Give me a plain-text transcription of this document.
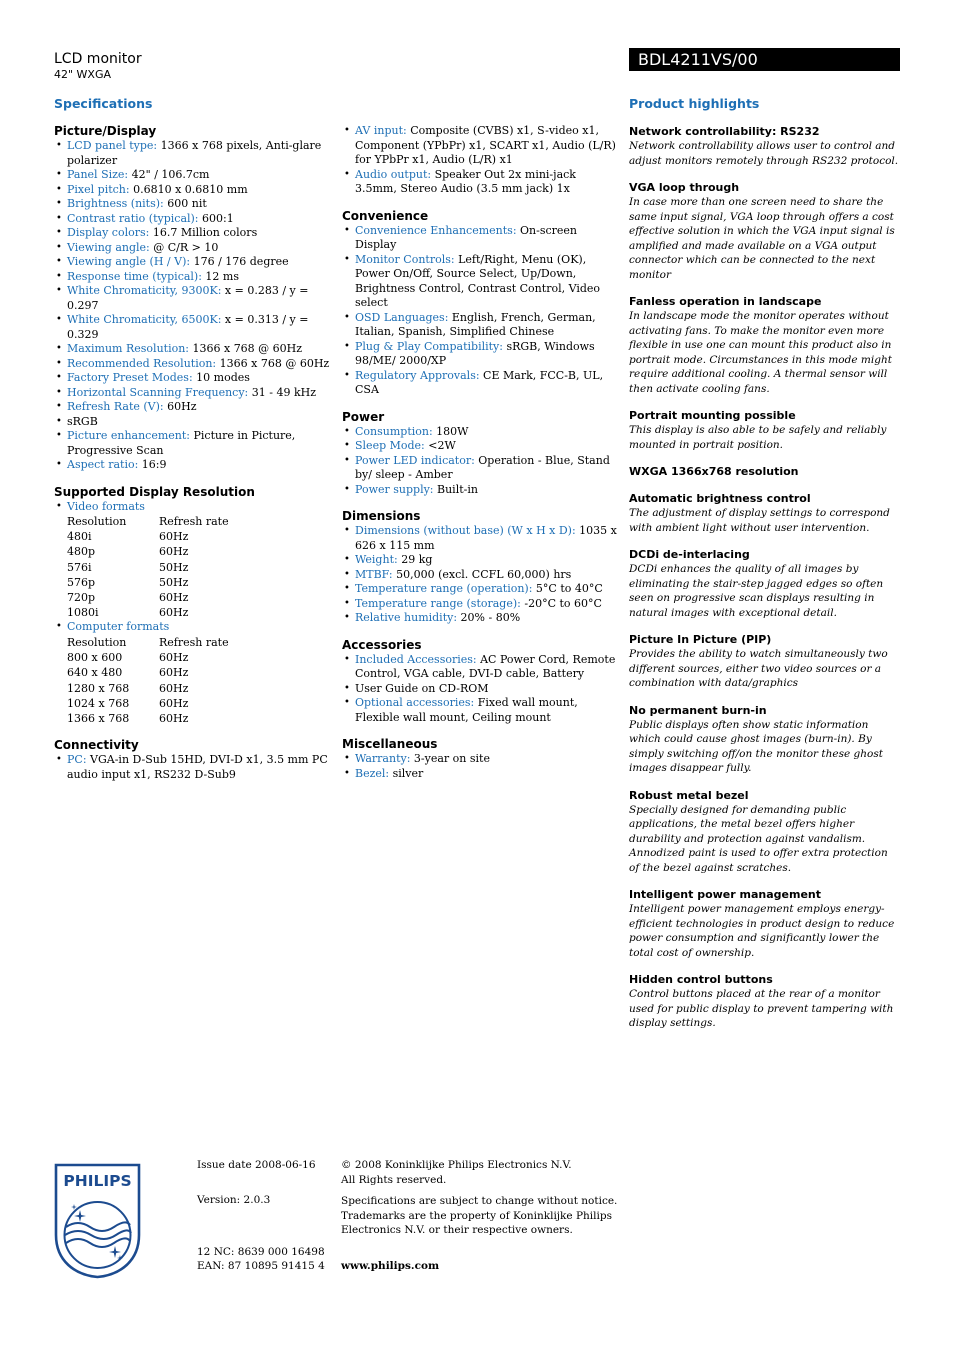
LCD monitor
42" WXGA
BDL4211VS/00
Specifications
Picture/Display
• LCD panel type: 1366 x 768 pixels, Anti-glare polarizer
• Panel Size: 42" / 106.7cm
• Pixel pitch: 0.6810 x 0.6810 mm
• Brightness (nits): 600 nit
• Contrast ratio (typical): 600:1
• Display colors: 16.7 Million colors
• Viewing angle: @ C/R > 10
• Viewing angle (H / V): 176 / 176 degree
• Response time (typical): 12 ms
• White Chromaticity, 9300K: x = 0.283 / y = 0.297
• White Chromaticity, 6500K: x = 0.313 / y = 0.329
• Maximum Resolution: 1366 x 768 @ 60Hz
• Recommended Resolution: 1366 x 768 @ 60Hz
• Factory Preset Modes: 10 modes
• Horizontal Scanning Frequency: 31 - 49 kHz
• Refresh Rate (V): 60Hz
• sRGB
• Picture enhancement: Picture in Picture, Progressive Scan
• Aspect ratio: 16:9
Supported Display Resolution
• Video formats
Resolution	Refresh rate
480i	60Hz
480p	60Hz
576i	50Hz
576p	50Hz
720p	60Hz
1080i	60Hz
• Computer formats
Resolution	Refresh rate
800 x 600	60Hz
640 x 480	60Hz
1280 x 768	60Hz
1024 x 768	60Hz
1366 x 768	60Hz
Connectivity
• PC: VGA-in D-Sub 15HD, DVI-D x1, 3.5 mm PC audio input x1, RS232 D-Sub9
• AV input: Composite (CVBS) x1, S-video x1, Component (YPbPr) x1, SCART x1, Audio (L/R) for YPbPr x1, Audio (L/R) x1
• Audio output: Speaker Out 2x mini-jack 3.5mm, Stereo Audio (3.5 mm jack) 1x
Convenience
• Convenience Enhancements: On-screen Display
• Monitor Controls: Left/Right, Menu (OK), Power On/Off, Source Select, Up/Down, Brightness Control, Contrast Control, Video select
• OSD Languages: English, French, German, Italian, Spanish, Simplified Chinese
• Plug & Play Compatibility: sRGB, Windows 98/ME/ 2000/XP
• Regulatory Approvals: CE Mark, FCC-B, UL, CSA
Power
• Consumption: 180W
• Sleep Mode: <2W
• Power LED indicator: Operation - Blue, Stand by/ sleep - Amber
• Power supply: Built-in
Dimensions
• Dimensions (without base) (W x H x D): 1035 x 626 x 115 mm
• Weight: 29 kg
• MTBF: 50,000 (excl. CCFL 60,000) hrs
• Temperature range (operation): 5°C to 40°C
• Temperature range (storage): -20°C to 60°C
• Relative humidity: 20% - 80%
Accessories
• Included Accessories: AC Power Cord, Remote Control, VGA cable, DVI-D cable, Battery
• User Guide on CD-ROM
• Optional accessories: Fixed wall mount, Flexible wall mount, Ceiling mount
Miscellaneous
• Warranty: 3-year on site
• Bezel: silver
Product highlights
Network controllability: RS232
Network controllability allows user to control and adjust monitors remotely through RS232 protocol.
VGA loop through
In case more than one screen need to share the same input signal, VGA loop through offers a cost effective solution in which the VGA input signal is amplified and made available on a VGA output connector which can be connected to the next monitor
Fanless operation in landscape
In landscape mode the monitor operates without activating fans. To make the monitor even more flexible in use one can mount this product also in portrait mode. Circumstances in this mode might require additional cooling. A thermal sensor will then activate cooling fans.
Portrait mounting possible
This display is also able to be safely and reliably mounted in portrait position.
WXGA 1366x768 resolution
Automatic brightness control
The adjustment of display settings to correspond with ambient light without user intervention.
DCDi de-interlacing
DCDi enhances the quality of all images by eliminating the stair-step jagged edges so often seen on progressive scan displays resulting in natural images with exceptional detail.
Picture In Picture (PIP)
Provides the ability to watch simultaneously two different sources, either two video sources or a combination with data/graphics
No permanent burn-in
Public displays often show static information which could cause ghost images (burn-in). By simply switching off/on the monitor these ghost images disappear fully.
Robust metal bezel
Specially designed for demanding public applications, the metal bezel offers higher durability and protection against vandalism. Annodized paint is used to offer extra protection of the bezel against scratches.
Intelligent power management
Intelligent power management employs energy-efficient technologies in product design to reduce power consumption and significantly lower the total cost of ownership.
Hidden control buttons
Control buttons placed at the rear of a monitor used for public display to prevent tampering with display settings.
PHILIPS
Issue date 2008-06-16
Version: 2.0.3
12 NC: 8639 000 16498
EAN: 87 10895 91415 4
© 2008 Koninklijke Philips Electronics N.V.
All Rights reserved.
Specifications are subject to change without notice.
Trademarks are the property of Koninklijke Philips
Electronics N.V. or their respective owners.
www.philips.com
